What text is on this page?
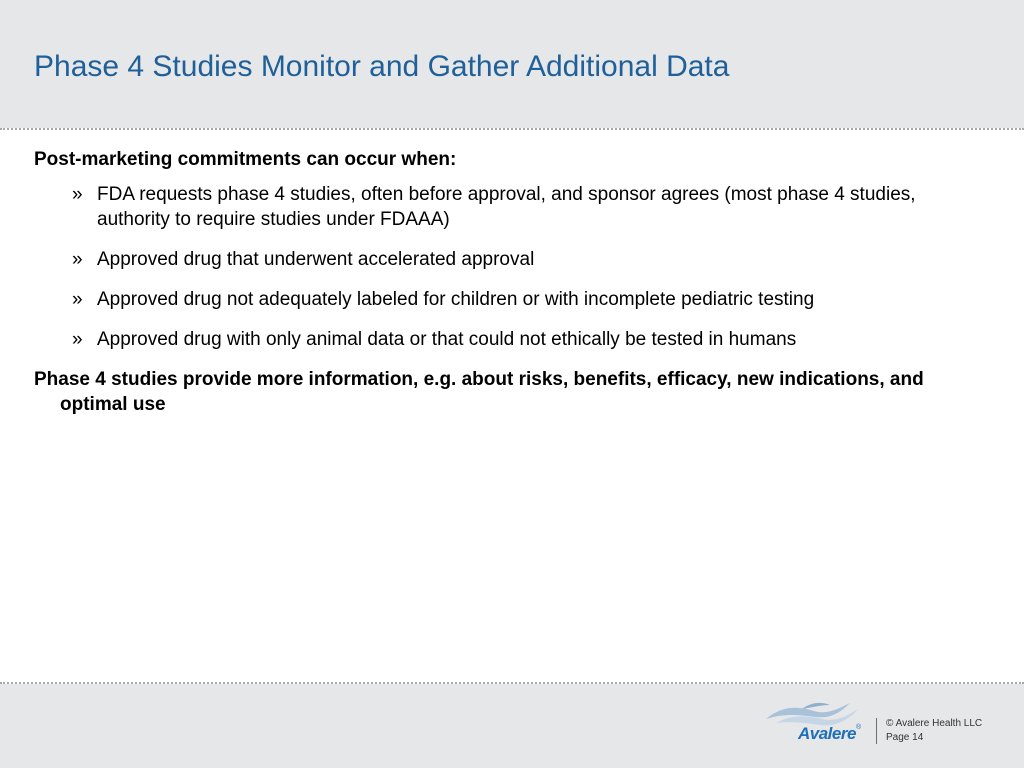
Phase 4 Studies Monitor and Gather Additional Data

Post-marketing commitments can occur when:

» FDA requests phase 4 studies, often before approval, and sponsor agrees (most phase 4 studies, authority to require studies under FDAAA)
» Approved drug that underwent accelerated approval
» Approved drug not adequately labeled for children or with incomplete pediatric testing
» Approved drug with only animal data or that could not ethically be tested in humans

Phase 4 studies provide more information, e.g. about risks, benefits, efficacy, new indications, and optimal use

Avalere®	© Avalere Health LLC
Page 14
